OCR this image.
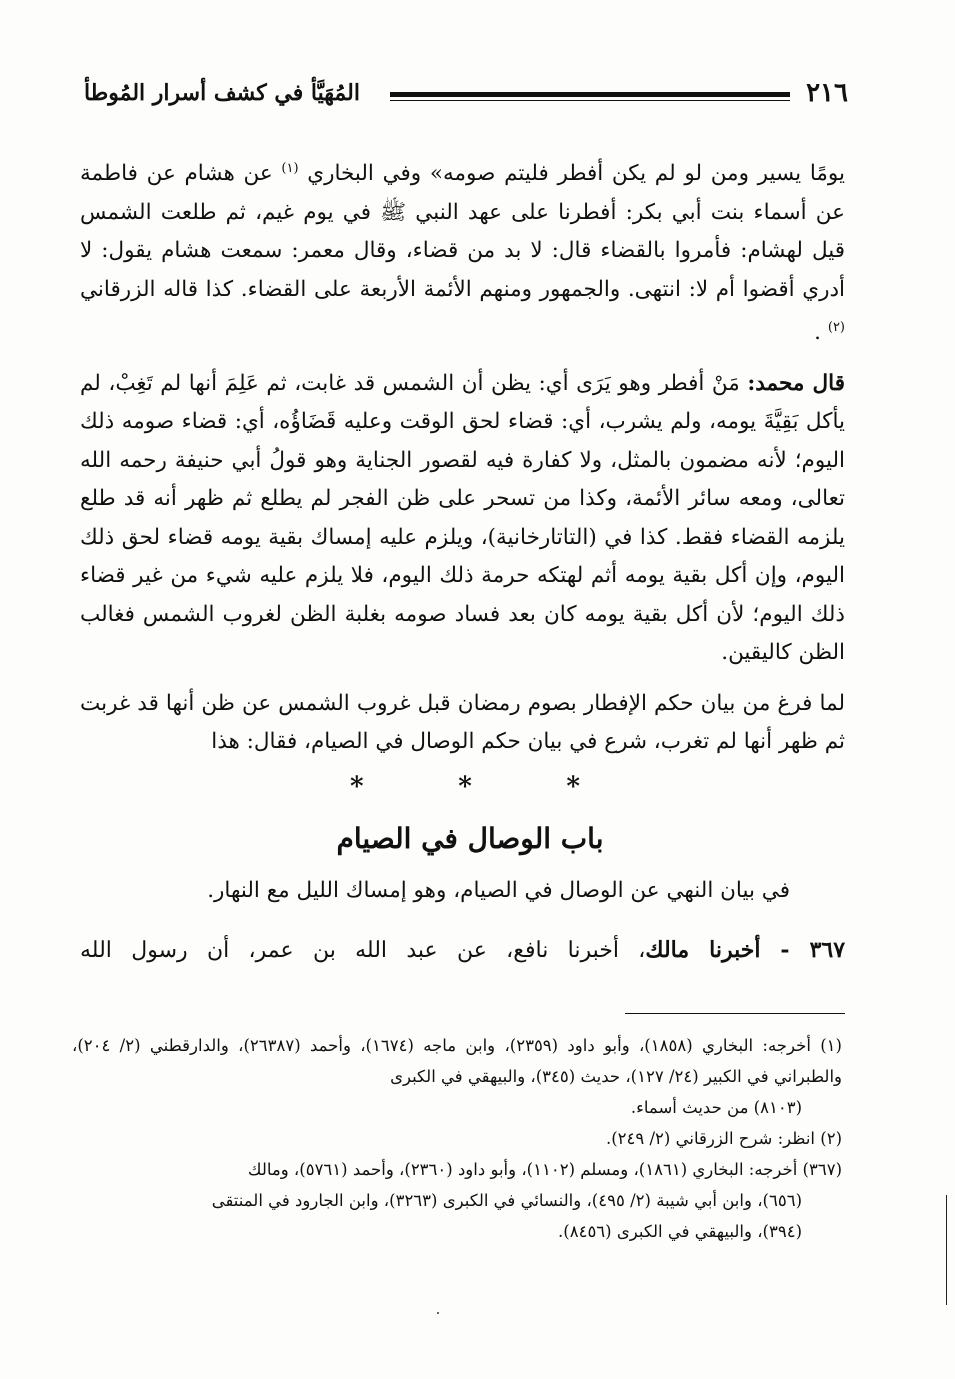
٢١٦
المُهَيَّأ في كشف أسرار المُوطأ

يومًا يسير ومن لو لم يكن أفطر فليتم صومه» وفي البخاري $^{(١)}$ عن هشام عن فاطمة عن أسماء بنت أبي بكر: أفطرنا على عهد النبي ﷺ في يوم غيم، ثم طلعت الشمس قيل لهشام: فأمروا بالقضاء قال: لا بد من قضاء، وقال معمر: سمعت هشام يقول: لا أدري أقضوا أم لا: انتهى. والجمهور ومنهم الأئمة الأربعة على القضاء. كذا قاله الزرقاني $^{(٢)}$ .

قال محمد: مَنْ أفطر وهو يَرَى أي: يظن أن الشمس قد غابت، ثم عَلِمَ أنها لم تَغِبْ، لم يأكل بَقِيَّةَ يومه، ولم يشرب، أي: قضاء لحق الوقت وعليه قَضَاؤُه، أي: قضاء صومه ذلك اليوم؛ لأنه مضمون بالمثل، ولا كفارة فيه لقصور الجناية وهو قولُ أبي حنيفة رحمه الله تعالى، ومعه سائر الأئمة، وكذا من تسحر على ظن الفجر لم يطلع ثم ظهر أنه قد طلع يلزمه القضاء فقط. كذا في (التاتارخانية)، ويلزم عليه إمساك بقية يومه قضاء لحق ذلك اليوم، وإن أكل بقية يومه أثم لهتكه حرمة ذلك اليوم، فلا يلزم عليه شيء من غير قضاء ذلك اليوم؛ لأن أكل بقية يومه كان بعد فساد صومه بغلبة الظن لغروب الشمس فغالب الظن كاليقين.

لما فرغ من بيان حكم الإفطار بصوم رمضان قبل غروب الشمس عن ظن أنها قد غربت ثم ظهر أنها لم تغرب، شرع في بيان حكم الوصال في الصيام، فقال: هذا

*	*	*
باب الوصال في الصيام
في بيان النهي عن الوصال في الصيام، وهو إمساك الليل مع النهار.
٣٦٧ - أخبرنا مالك، أخبرنا نافع، عن عبد الله بن عمر، أن رسول الله

(١) أخرجه: البخاري (١٨٥٨)، وأبو داود (٢٣٥٩)، وابن ماجه (١٦٧٤)، وأحمد (٢٦٣٨٧)، والدارقطني (٢/ ٢٠٤)، والطبراني في الكبير (٢٤/ ١٢٧)، حديث (٣٤٥)، والبيهقي في الكبرى

(٨١٠٣) من حديث أسماء.

(٢) انظر: شرح الزرقاني (٢/ ٢٤٩).

(٣٦٧) أخرجه: البخاري (١٨٦١)، ومسلم (١١٠٢)، وأبو داود (٢٣٦٠)، وأحمد (٥٧٦١)، ومالك

(٦٥٦)، وابن أبي شيبة (٢/ ٤٩٥)، والنسائي في الكبرى (٣٢٦٣)، وابن الجارود في المنتقى

(٣٩٤)، والبيهقي في الكبرى (٨٤٥٦).
